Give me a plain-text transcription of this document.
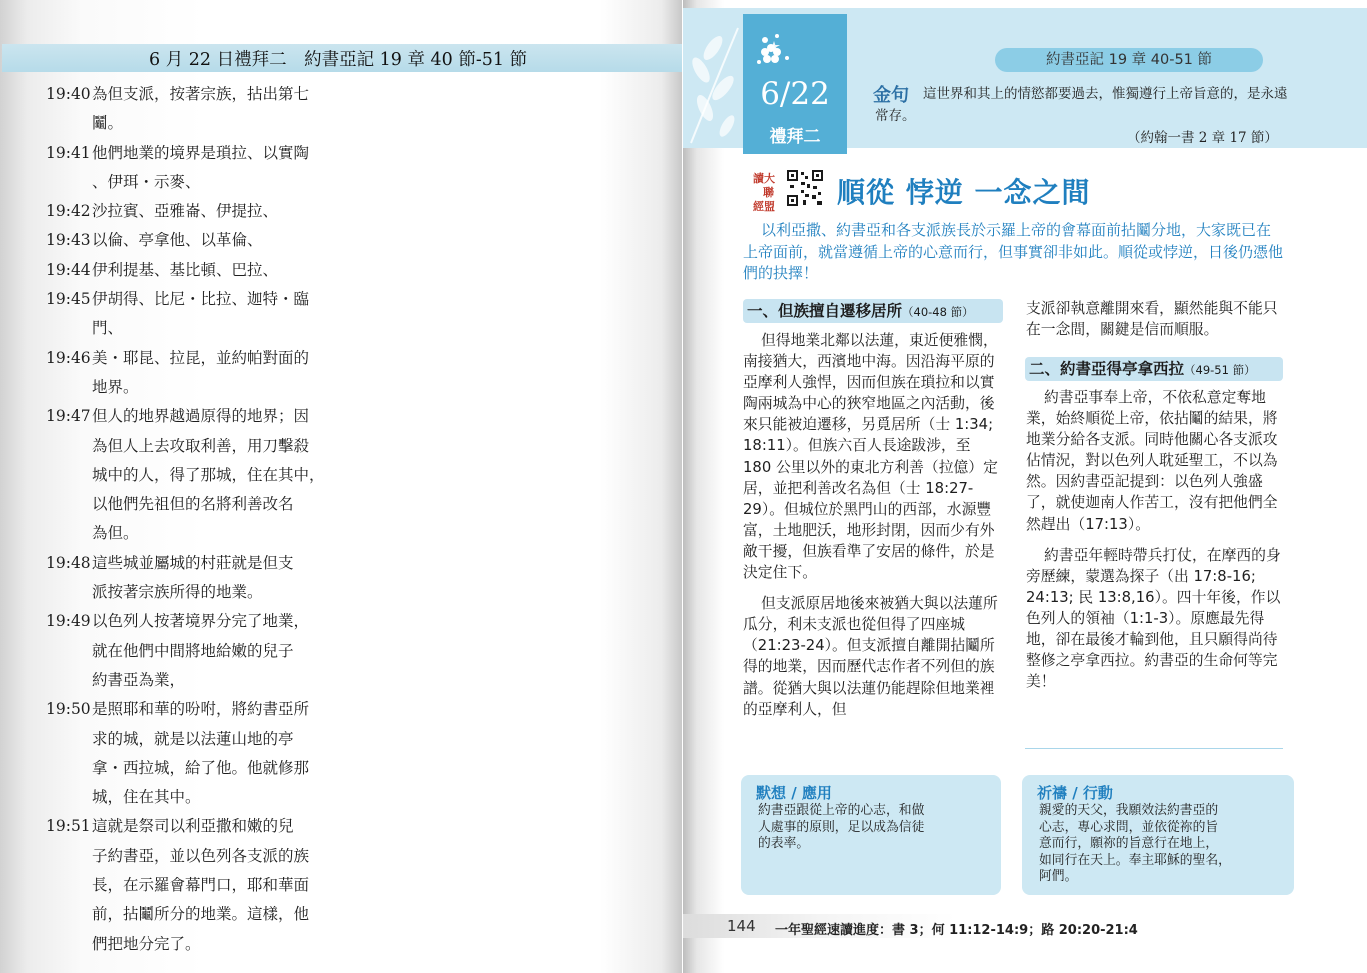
6 月 22 日禮拜二　約書亞記 19 章 40 節-51 節
19:40 為但支派，按著宗族，拈出第七
鬮。
19:41 他們地業的境界是瑣拉、以實陶
、伊珥・示麥、
19:42 沙拉賓、亞雅崙、伊提拉、
19:43 以倫、亭拿他、以革倫、
19:44 伊利提基、基比頓、巴拉、
19:45 伊胡得、比尼・比拉、迦特・臨
門、
19:46 美・耶昆、拉昆，並約帕對面的
地界。
19:47 但人的地界越過原得的地界；因
為但人上去攻取利善，用刀擊殺
城中的人，得了那城，住在其中，
以他們先祖但的名將利善改名
為但。
19:48 這些城並屬城的村莊就是但支
派按著宗族所得的地業。
19:49 以色列人按著境界分完了地業，
就在他們中間將地給嫩的兒子
約書亞為業，
19:50 是照耶和華的吩咐，將約書亞所
求的城，就是以法蓮山地的亭
拿・西拉城，給了他。他就修那
城，住在其中。
19:51 這就是祭司以利亞撒和嫩的兒
子約書亞，並以色列各支派的族
長，在示羅會幕門口，耶和華面
前，拈鬮所分的地業。這樣，他
們把地分完了。
6/22
禮拜二
約書亞記 19 章 40-51 節
金句	這世界和其上的情慾都要過去，惟獨遵行上帝旨意的，是永遠常存。
（約翰一書 2 章 17 節）
讀大
聯
經盟 順從 悖逆 一念之間
以利亞撒、約書亞和各支派族長於示羅上帝的會幕面前拈鬮分地，大家既已在上帝面前，就當遵循上帝的心意而行，但事實卻非如此。順從或悖逆，日後仍憑他們的抉擇！
一、但族擅自遷移居所（40-48 節）

但得地業北鄰以法蓮，東近便雅憫，南接猶大，西濱地中海。因沿海平原的亞摩利人強悍，因而但族在瑣拉和以實陶兩城為中心的狹窄地區之內活動，後來只能被迫遷移，另覓居所（士 1:34; 18:11）。但族六百人長途跋涉，至 180 公里以外的東北方利善（拉億）定居，並把利善改名為但（士 18:27-29）。但城位於黑門山的西部，水源豐富，土地肥沃，地形封閉，因而少有外敵干擾，但族看準了安居的條件，於是決定住下。

但支派原居地後來被猶大與以法蓮所瓜分，利未支派也從但得了四座城（21:23-24）。但支派擅自離開拈鬮所得的地業，因而歷代志作者不列但的族譜。從猶大與以法蓮仍能趕除但地業裡的亞摩利人，但

支派卻執意離開來看，顯然能與不能只在一念間，關鍵是信而順服。

二、約書亞得亭拿西拉（49-51 節）

約書亞事奉上帝，不依私意定奪地業，始終順從上帝，依拈鬮的結果，將地業分給各支派。同時他關心各支派攻佔情況，對以色列人耽延聖工，不以為然。因約書亞記提到：以色列人強盛了，就使迦南人作苦工，沒有把他們全然趕出（17:13）。

約書亞年輕時帶兵打仗，在摩西的身旁歷練，蒙選為探子（出 17:8-16; 24:13; 民 13:8,16）。四十年後，作以色列人的領袖（1:1-3）。原應最先得地，卻在最後才輪到他，且只願得尚待整修之亭拿西拉。約書亞的生命何等完美！

默想 / 應用
約書亞跟從上帝的心志，和做
人處事的原則，足以成為信徒
的表率。
祈禱 / 行動
親愛的天父，我願效法約書亞的
心志，專心求問，並依從祢的旨
意而行，願祢的旨意行在地上，
如同行在天上。奉主耶穌的聖名，
阿們。
144 一年聖經速讀進度：書 3；何 11:12-14:9；路 20:20-21:4
